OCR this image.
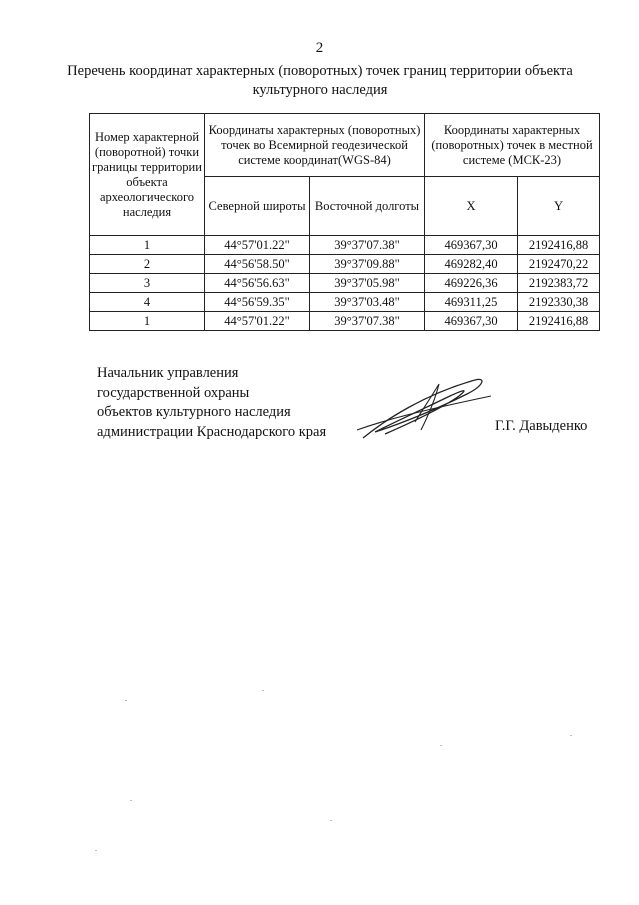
2
Перечень координат характерных (поворотных) точек границ территории объекта культурного наследия
Номер характерной (поворотной) точки границы территории объекта археологического наследия	Координаты характерных (поворотных) точек во Всемирной геодезической системе координат(WGS-84)		Координаты характерных (поворотных) точек в местной системе (МСК-23)	
	Северной широты	Восточной долготы	X	Y
1	44°57'01.22"	39°37'07.38"	469367,30	2192416,88
2	44°56'58.50"	39°37'09.88"	469282,40	2192470,22
3	44°56'56.63"	39°37'05.98"	469226,36	2192383,72
4	44°56'59.35"	39°37'03.48"	469311,25	2192330,38
1	44°57'01.22"	39°37'07.38"	469367,30	2192416,88
Начальник управления
государственной охраны
объектов культурного наследия
администрации Краснодарского края	Г.Г. Давыденко
